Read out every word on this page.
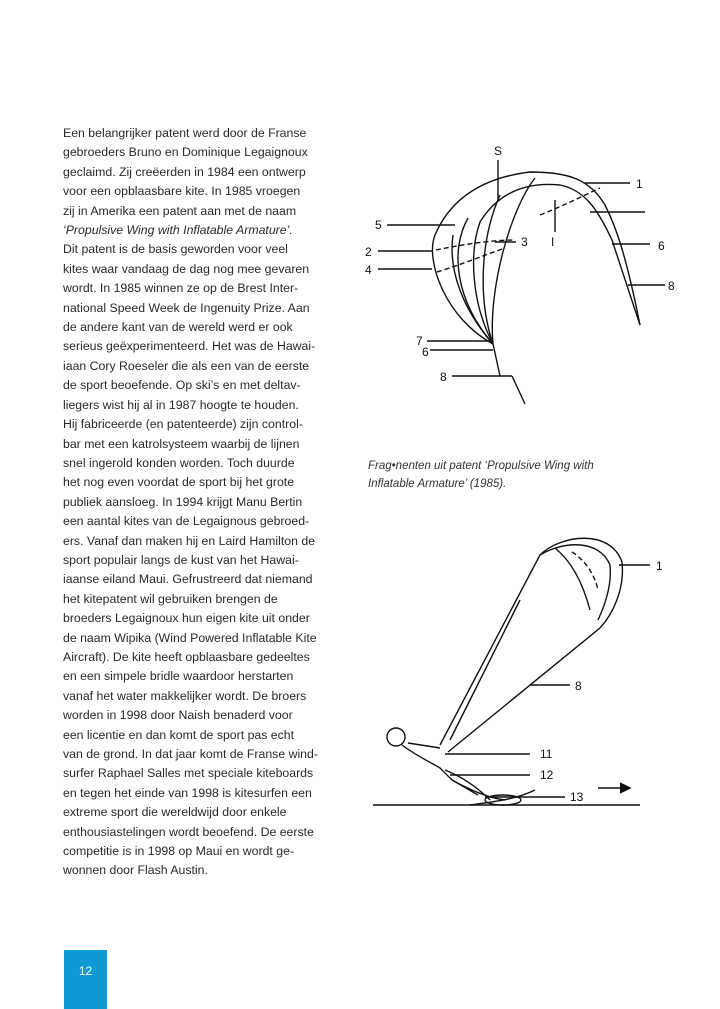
Een belangrijker patent werd door de Franse
gebroeders Bruno en Dominique Legaignoux
geclaimd. Zij creëerden in 1984 een ontwerp
voor een opblaasbare kite. In 1985 vroegen
zij in Amerika een patent aan met de naam
‘Propulsive Wing with Inflatable Armature’.
Dit patent is de basis geworden voor veel
kites waar vandaag de dag nog mee gevaren
wordt. In 1985 winnen ze op de Brest Inter-
national Speed Week de Ingenuity Prize. Aan
de andere kant van de wereld werd er ook
serieus geëxperimenteerd. Het was de Hawai-
iaan Cory Roeseler die als een van de eerste
de sport beoefende. Op ski’s en met deltav-
liegers wist hij al in 1987 hoogte te houden.
Hij fabriceerde (en patenteerde) zijn control-
bar met een katrolsysteem waarbij de lijnen
snel ingerold konden worden. Toch duurde
het nog even voordat de sport bij het grote
publiek aansloeg. In 1994 krijgt Manu Bertin
een aantal kites van de Legaignous gebroed-
ers. Vanaf dan maken hij en Laird Hamilton de
sport populair langs de kust van het Hawai-
iaanse eiland Maui. Gefrustreerd dat niemand
het kitepatent wil gebruiken brengen de
broeders Legaignoux hun eigen kite uit onder
de naam Wipika (Wind Powered Inflatable Kite
Aircraft). De kite heeft opblaasbare gedeeltes
en een simpele bridle waardoor herstarten
vanaf het water makkelijker wordt. De broers
worden in 1998 door Naish benaderd voor
een licentie en dan komt de sport pas echt
van de grond. In dat jaar komt de Franse wind-
surfer Raphael Salles met speciale kiteboards
en tegen het einde van 1998 is kitesurfen een
extreme sport die wereldwijd door enkele
enthousiastelingen wordt beoefend. De eerste
competitie is in 1998 op Maui en wordt ge-
wonnen door Flash Austin.
S
I
1
3
5
2
4
6
8
7
6
8
Frag•nenten uit patent ‘Propulsive Wing with
Inflatable Armature’ (1985).
1
8
11
12
13
12
